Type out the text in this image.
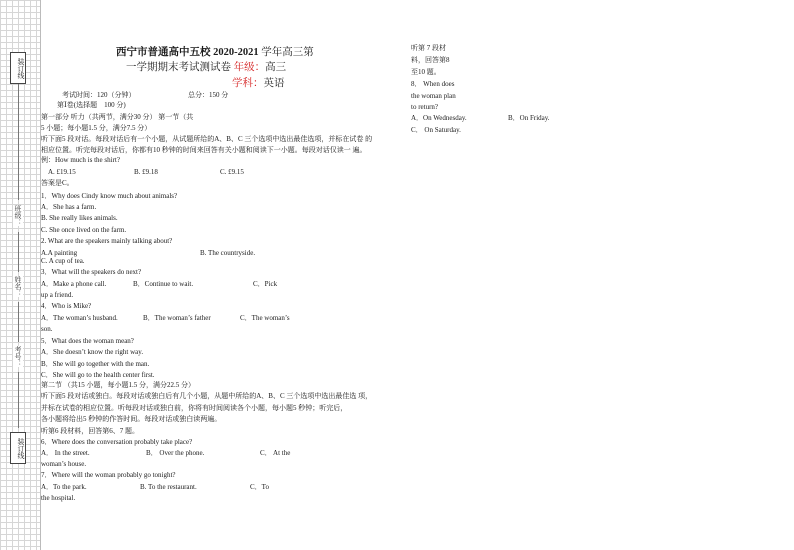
装订线
班级：
姓名：
考号：
装订线
西宁市普通高中五校 2020-2021 学年高三第
一学期期末考试测试卷 年级：高三
学科：英语
考试时间：120（分钟）	总分：150 分
第Ⅰ卷(选择题　100 分)
第一部分 听力（共两节，满分30 分） 第一节（共
5 小题；每小题1.5 分，满分7.5 分）
听下面5 段对话。每段对话后有一个小题，从试题所给的A、B、C 三个选项中选出最佳选项，并标在试卷 的
相应位置。听完每段对话后，你都有10 秒钟的时间来回答有关小题和阅读下一小题。每段对话仅读一 遍。
例：How much is the shirt?
A. £19.15	B. £9.18	C. £9.15
答案是C。
1．Why does Cindy know much about animals?
A．She has a farm.
B. She really likes animals.
C. She once lived on the farm.
2. What are the speakers mainly talking about?
A.A painting	B. The countryside.
C. A cup of tea.
3．What will the speakers do next?
A．Make a phone call.	B．Continue to wait.	C．Pick
up a friend.
4．Who is Mike?
A．The woman’s husband.	B．The woman’s father	C．The woman’s
son.
5．What does the woman mean?
A．She doesn’t know the right way.
B．She will go together with the man.
C．She will go to the health center first.
第二节 （共15 小题，每小题1.5 分，满分22.5 分）
听下面5 段对话或独白。每段对话或独白后有几个小题，从题中所给的A、B、C 三个选项中选出最佳选 项，
并标在试卷的相应位置。听每段对话或独白前，你将有时间阅读各个小题，每小题5 秒钟；听完后，
各小题将给出5 秒钟的作答时间。每段对话或独白读两遍。
听第6 段材料，回答第6、7 题。
6．Where does the conversation probably take place?
A． In the street.	B． Over the phone.	C． At the
woman’s house.
7．Where will the woman probably go tonight?
A．To the park.	B. To the restaurant.	C．To
the hospital.
听第 7 段材
料，回答第8
至10 题。
8． When does
the woman plan
to return?
A．On Wednesday.	B．On Friday.
C． On Saturday.
